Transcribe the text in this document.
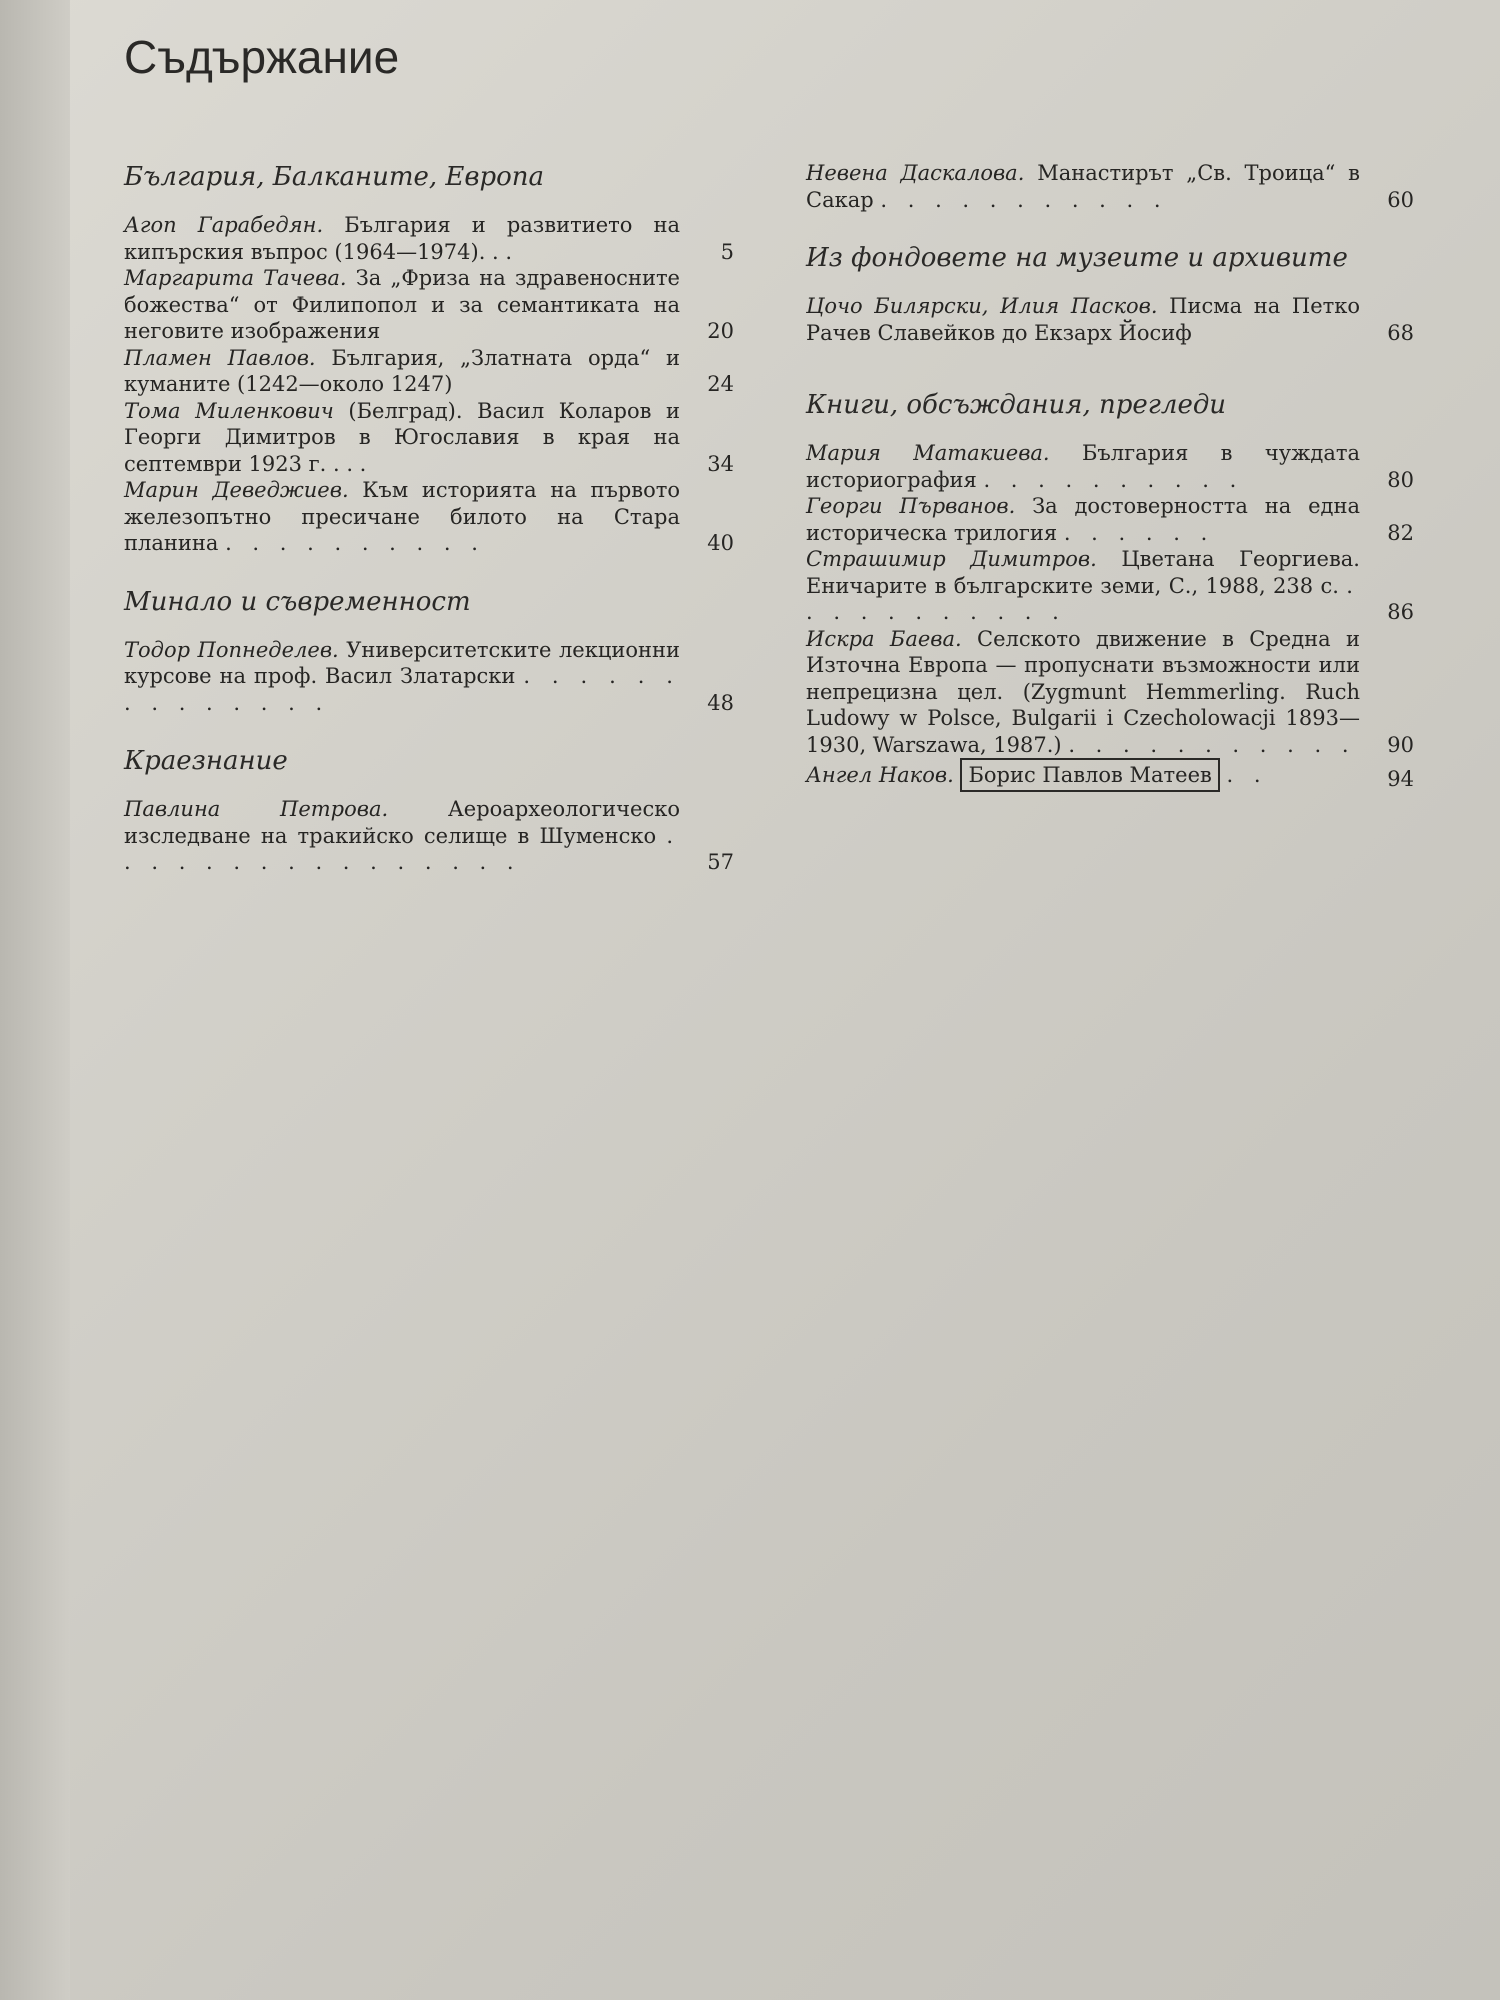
Съдържание
България, Балканите, Европа
Агоп Гарабедян. България и развитието на кипърския въпрос (1964—1974). . .	5
Маргарита Тачева. За „Фриза на здравеносните божества“ от Филипопол и за семантиката на неговите изображения	20
Пламен Павлов. България, „Златната орда“ и куманите (1242—около 1247)	24
Тома Миленкович (Белград). Васил Коларов и Георги Димитров в Югославия в края на септември 1923 г. . . .	34
Марин Деведжиев. Към историята на първото железопътно пресичане билото на Стара планина . . . . . . . . . .	40
Минало и съвременност
Тодор Попнеделев. Университетските лекционни курсове на проф. Васил Златарски . . . . . . . . . . . . . .	48
Краезнание
Павлина Петрова.	Аероархеологическо изследване на тракийско селище в Шуменско . . . . . . . . . . . . . . . .	57
Невена Даскалова. Манастирът „Св. Троица“ в Сакар . . . . . . . . . . .	60
Из фондовете на музеите и архивите
Цочо Билярски, Илия Пасков. Писма на Петко Рачев Славейков до Екзарх Йосиф	68
Книги, обсъждания, прегледи
Мария Матакиева. България в чуждата историография . . . . . . . . . .	80
Георги Първанов. За достоверността на една историческа трилогия . . . . . .	82
Страшимир Димитров. Цветана Георгиева. Еничарите в българските земи, С., 1988, 238 с. . . . . . . . . . . .	86
Искра Баева. Селското движение в Средна и Източна Европа — пропуснати възможности или непрецизна цел. (Zygmunt Hemmerling. Ruch Ludowy w Polsce, Bulgarii i Czecholowacji 1893—1930, Warszawa, 1987.) . . . . . . . . . . .	90
Ангел Наков. Борис Павлов Матеев . .	94
